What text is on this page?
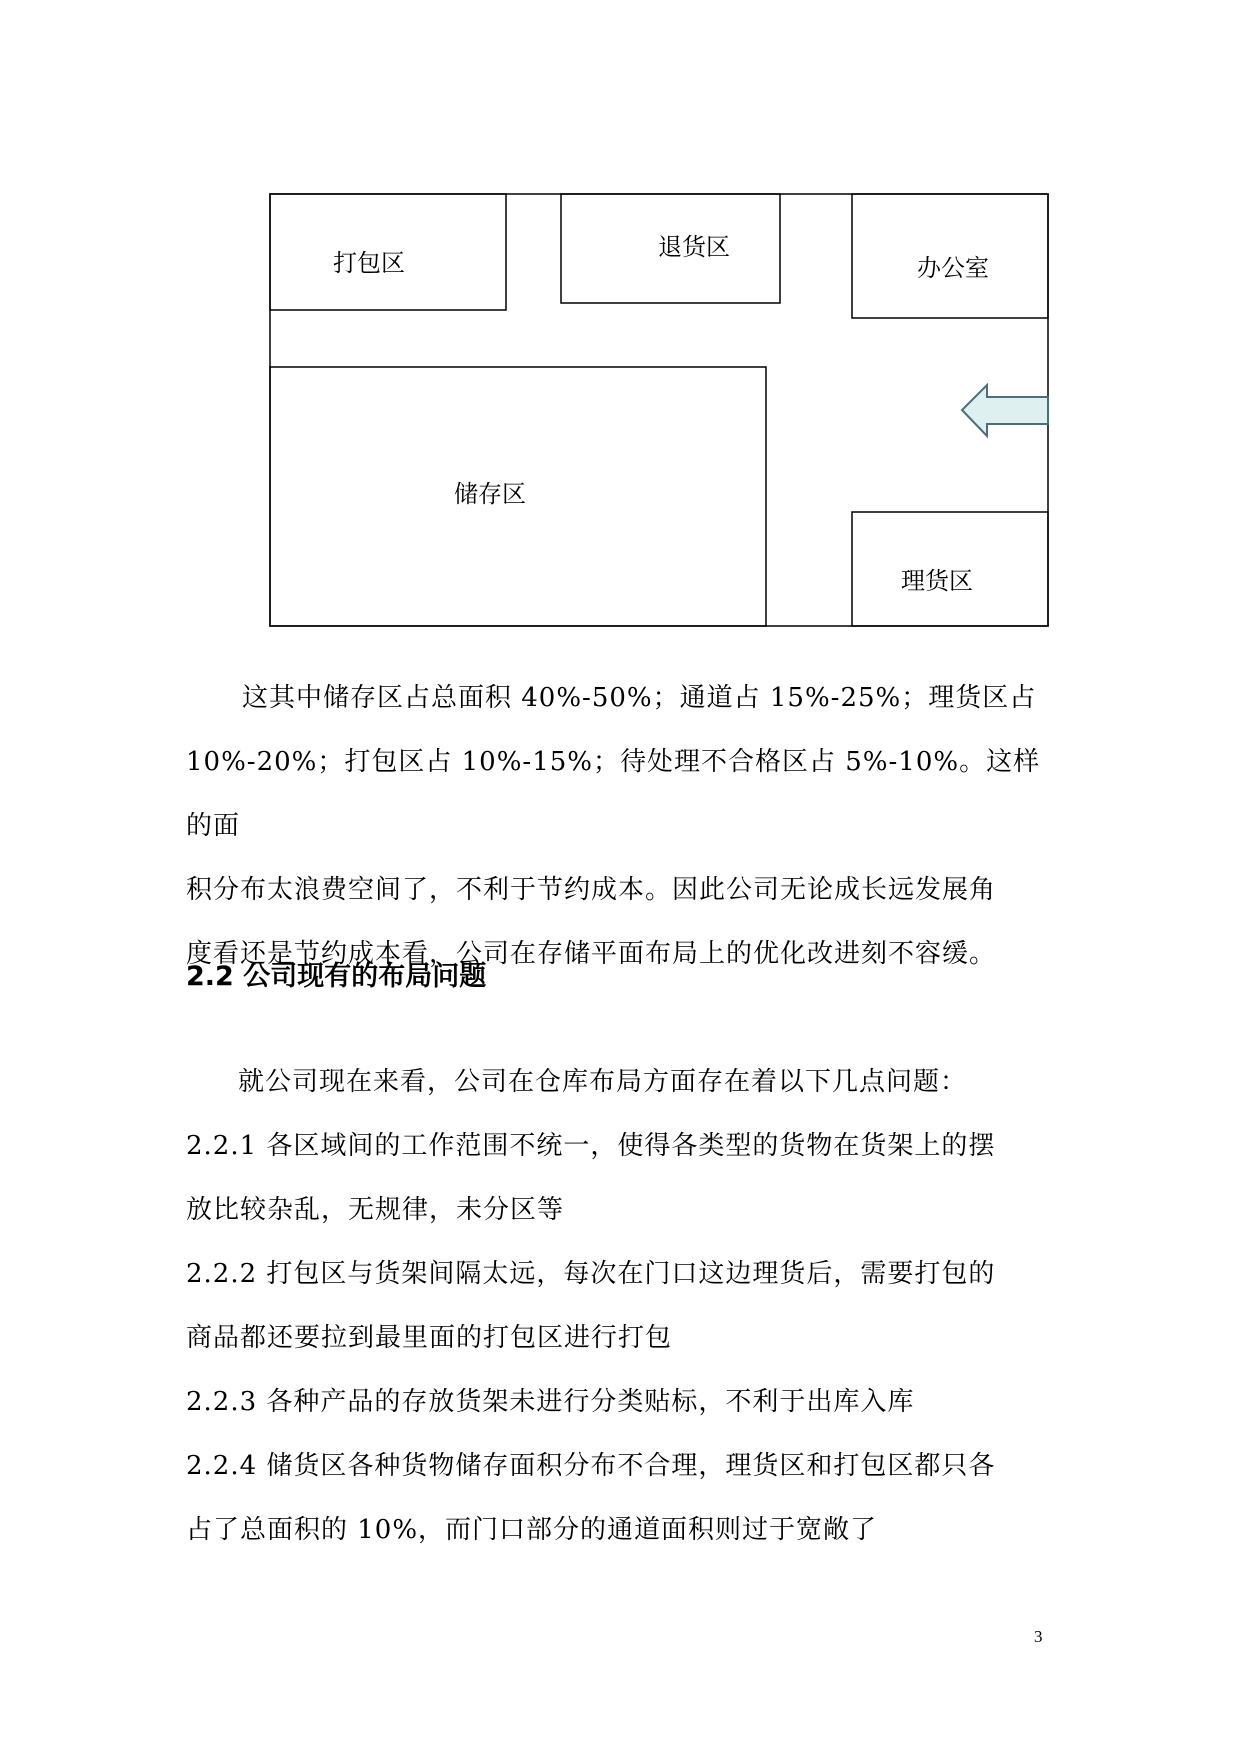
打包区
退货区
办公室
储存区
理货区

这其中储存区占总面积 40%-50%；通道占 15%-25%；理货区占

10%-20%；打包区占 10%-15%；待处理不合格区占 5%-10%。这样的面

积分布太浪费空间了，不利于节约成本。因此公司无论成长远发展角

度看还是节约成本看，公司在存储平面布局上的优化改进刻不容缓。

2.2 公司现有的布局问题

就公司现在来看，公司在仓库布局方面存在着以下几点问题：

2.2.1 各区域间的工作范围不统一，使得各类型的货物在货架上的摆

放比较杂乱，无规律，未分区等

2.2.2 打包区与货架间隔太远，每次在门口这边理货后，需要打包的

商品都还要拉到最里面的打包区进行打包

2.2.3 各种产品的存放货架未进行分类贴标，不利于出库入库

2.2.4 储货区各种货物储存面积分布不合理，理货区和打包区都只各

占了总面积的 10%，而门口部分的通道面积则过于宽敞了

3
